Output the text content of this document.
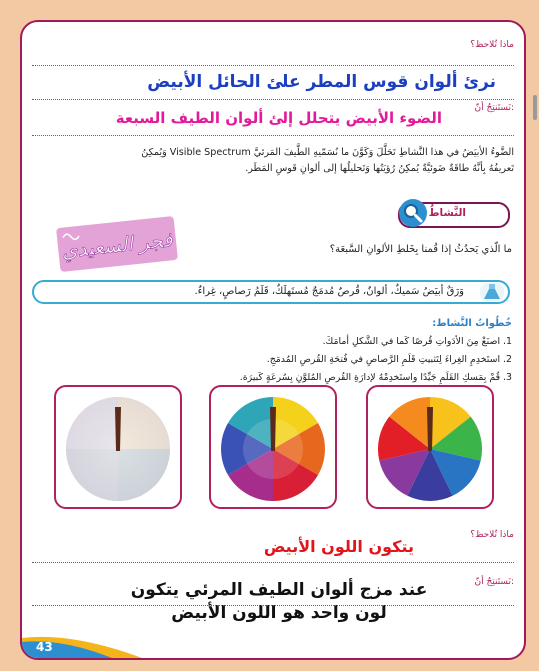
ماذا تُلاحظ؟
نرئ ألوان قوس المطر علئ الحائل الأبيض
نَستَنتِجُ أنّ:
الضوء الأبيض يتحلل إلئ ألوان الطيف السبعة
الضَّوءُ الأبيَضُ في هذا النَّشاطِ تَحَلَّلَ وَكَوَّنَ ما نُسَمّيهِ الطَّيفَ المَرئيَّ Visible Spectrum وَيُمكِنُ
تَعريفُهُ بِأنَّهُ طاقَةٌ ضَوئيَّةٌ يُمكِنُ رُؤيَتُها وَتَحليلُها إلى ألوانِ قَوسِ المَطَر.
النَّشاطُ
فجر السعيدي	ما الّذي يَحدُثُ إذا قُمنا بِخَلطِ الألوانِ السَّبعَة؟
وَرَقٌ أبيَضُ سَميكٌ، ألوانٌ، قُرصٌ مُدمَجٌ مُستَهلَكٌ، قَلَمُ رَصاصٍ، غِراءٌ.
خُطُواتُ النَّشاط:
1. اصنَعْ مِنَ الأدَواتِ قُرصًا كَما في الشَّكلِ أمامَكَ.
2. استَخدِمِ الغِراءَ لِتَثبيتِ قَلَمِ الرَّصاصِ في فُتحَةِ القُرصِ المُدمَجِ.
3. قُمْ بِمَسكِ القَلَمِ جَيِّدًا واستَخدِمْهُ لإدارَةِ القُرصِ المُلوَّنِ بِسُرعَةٍ كَبيرَة.
ماذا تُلاحظ؟
يتكون اللون الأبيض
نَستَنتِجُ أنّ:
عند مزج ألوان الطيف المرئي يتكون
لون واحد هو اللون الأبيض
43
